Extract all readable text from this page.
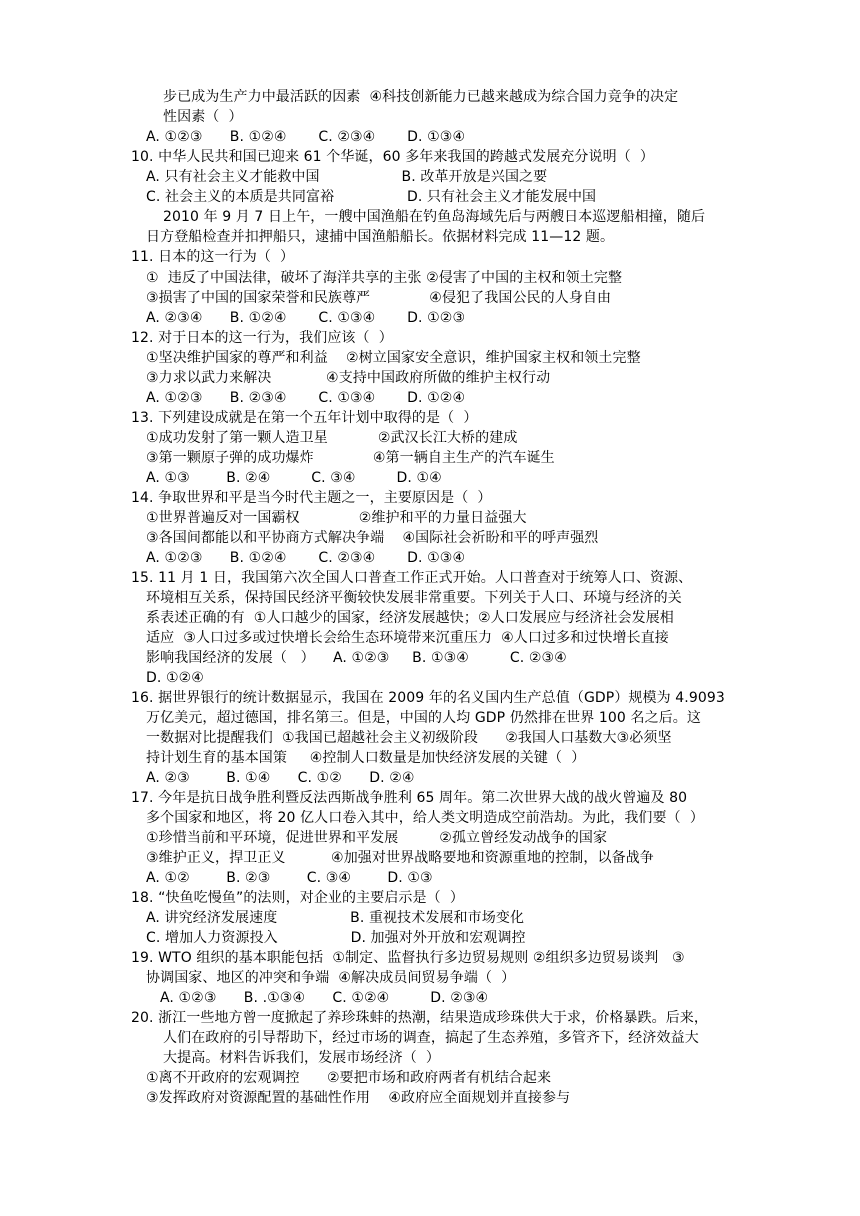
步已成为生产力中最活跃的因素  ④科技创新能力已越来越成为综合国力竞争的决定
性因素（  ）
A. ①②③      B. ①②④       C. ②③④       D. ①③④
10. 中华人民共和国已迎来 61 个华诞，60 多年来我国的跨越式发展充分说明（  ）
A. 只有社会主义才能救中国                  B. 改革开放是兴国之要
C. 社会主义的本质是共同富裕                D. 只有社会主义才能发展中国
2010 年 9 月 7 日上午，一艘中国渔船在钓鱼岛海域先后与两艘日本巡逻船相撞，随后
日方登船检查并扣押船只，逮捕中国渔船船长。依据材料完成 11—12 题。
11. 日本的这一行为（  ）
①  违反了中国法律，破坏了海洋共享的主张 ②侵害了中国的主权和领土完整
③损害了中国的国家荣誉和民族尊严             ④侵犯了我国公民的人身自由
A. ②③④      B. ①②④       C. ①③④       D. ①②③
12. 对于日本的这一行为，我们应该（  ）
①坚决维护国家的尊严和利益    ②树立国家安全意识，维护国家主权和领土完整
③力求以武力来解决            ④支持中国政府所做的维护主权行动
A. ①②③      B. ②③④       C. ①③④       D. ①②④
13. 下列建设成就是在第一个五年计划中取得的是（  ）
①成功发射了第一颗人造卫星           ②武汉长江大桥的建成
③第一颗原子弹的成功爆炸             ④第一辆自主生产的汽车诞生
A. ①③        B. ②④         C. ③④         D. ①④
14. 争取世界和平是当今时代主题之一，主要原因是（  ）
①世界普遍反对一国霸权             ②维护和平的力量日益强大
③各国间都能以和平协商方式解决争端    ④国际社会祈盼和平的呼声强烈
A. ①②③      B. ①②④       C. ②③④       D. ①③④
15. 11 月 1 日，我国第六次全国人口普查工作正式开始。人口普查对于统筹人口、资源、
环境相互关系，保持国民经济平衡较快发展非常重要。下列关于人口、环境与经济的关
系表述正确的有  ①人口越少的国家，经济发展越快；②人口发展应与经济社会发展相
适应  ③人口过多或过快增长会给生态环境带来沉重压力  ④人口过多和过快增长直接
影响我国经济的发展（   ）    A. ①②③     B. ①③④         C. ②③④
D. ①②④
16. 据世界银行的统计数据显示，我国在 2009 年的名义国内生产总值（GDP）规模为 4.9093
万亿美元，超过德国，排名第三。但是，中国的人均 GDP 仍然排在世界 100 名之后。这
一数据对比提醒我们  ①我国已超越社会主义初级阶段      ②我国人口基数大③必须坚
持计划生育的基本国策     ④控制人口数量是加快经济发展的关键（  ）
A. ②③        B. ①④      C. ①②      D. ②④
17. 今年是抗日战争胜利暨反法西斯战争胜利 65 周年。第二次世界大战的战火曾遍及 80
多个国家和地区，将 20 亿人口卷入其中，给人类文明造成空前浩劫。为此，我们要（  ）
①珍惜当前和平环境，促进世界和平发展         ②孤立曾经发动战争的国家
③维护正义，捍卫正义          ④加强对世界战略要地和资源重地的控制，以备战争
A. ①②        B. ②③        C. ③④        D. ①③
18. “快鱼吃慢鱼”的法则，对企业的主要启示是（  ）
A. 讲究经济发展速度                B. 重视技术发展和市场变化
C. 增加人力资源投入                D. 加强对外开放和宏观调控
19. WTO 组织的基本职能包括  ①制定、监督执行多边贸易规则 ②组织多边贸易谈判   ③
协调国家、地区的冲突和争端  ④解决成员间贸易争端（  ）
A. ①②③      B. .①③④      C. ①②④         D. ②③④
20. 浙江一些地方曾一度掀起了养珍珠蚌的热潮，结果造成珍珠供大于求，价格暴跌。后来，
人们在政府的引导帮助下，经过市场的调查，搞起了生态养殖，多管齐下，经济效益大
大提高。材料告诉我们，发展市场经济（  ）
①离不开政府的宏观调控      ②要把市场和政府两者有机结合起来
③发挥政府对资源配置的基础性作用    ④政府应全面规划并直接参与
